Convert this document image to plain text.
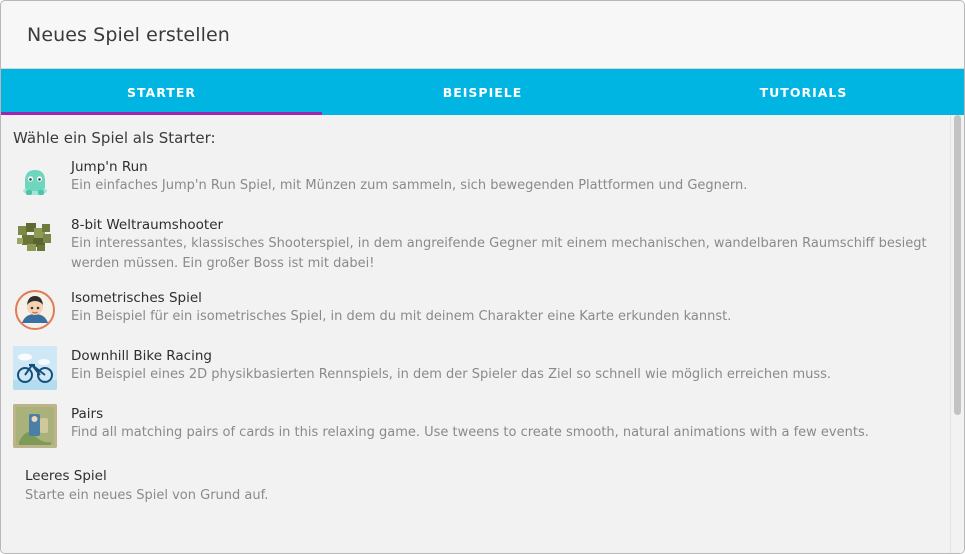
Neues Spiel erstellen
STARTER	BEISPIELE	TUTORIALS
Wähle ein Spiel als Starter:
Jump'n Run
Ein einfaches Jump'n Run Spiel, mit Münzen zum sammeln, sich bewegenden Plattformen und Gegnern.
8-bit Weltraumshooter
Ein interessantes, klassisches Shooterspiel, in dem angreifende Gegner mit einem mechanischen, wandelbaren Raumschiff besiegt werden müssen. Ein großer Boss ist mit dabei!
Isometrisches Spiel
Ein Beispiel für ein isometrisches Spiel, in dem du mit deinem Charakter eine Karte erkunden kannst.
Downhill Bike Racing
Ein Beispiel eines 2D physikbasierten Rennspiels, in dem der Spieler das Ziel so schnell wie möglich erreichen muss.
Pairs
Find all matching pairs of cards in this relaxing game. Use tweens to create smooth, natural animations with a few events.
Leeres Spiel
Starte ein neues Spiel von Grund auf.
